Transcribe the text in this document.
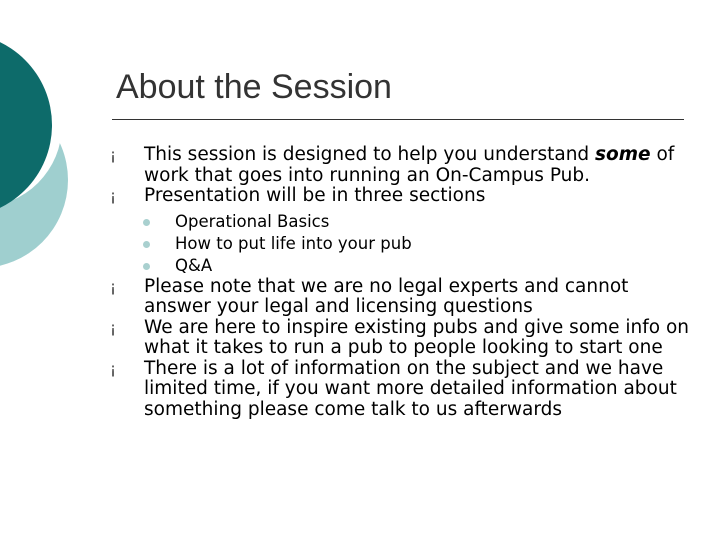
About the Session

¡	This session is designed to help you understand some of work that goes into running an On-Campus Pub.

¡	Presentation will be in three sections

Operational Basics

How to put life into your pub

Q&A

¡	Please note that we are no legal experts and cannot answer your legal and licensing questions

¡	We are here to inspire existing pubs and give some info on what it takes to run a pub to people looking to start one

¡	There is a lot of information on the subject and we have limited time, if you want more detailed information about something please come talk to us afterwards
